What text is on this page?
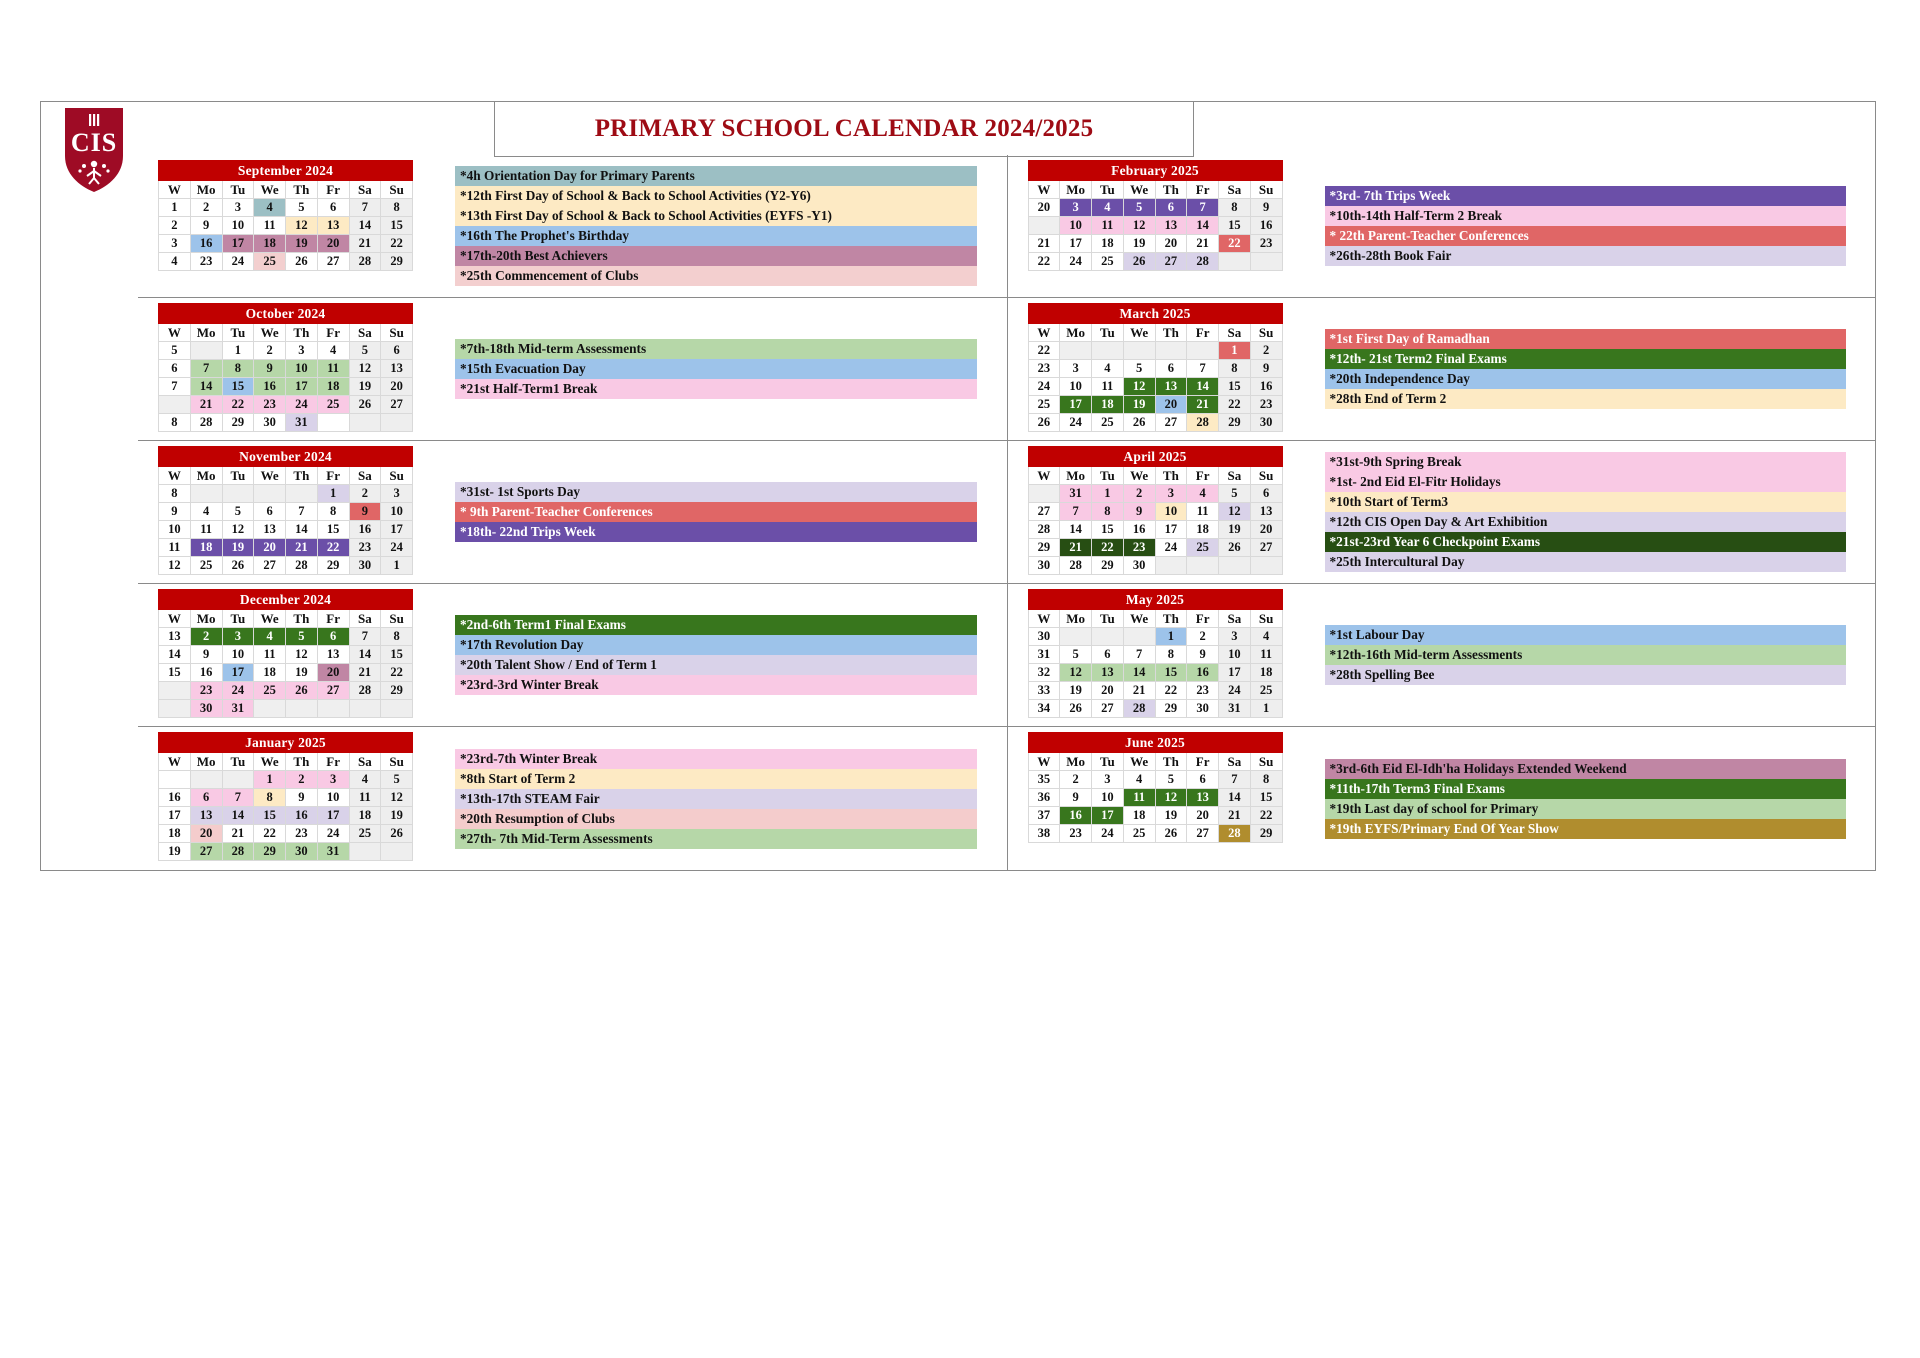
CIS	PRIMARY SCHOOL CALENDAR 2024/2025
September 2024							
W	Mo	Tu	We	Th	Fr	Sa	Su
1	2	3	4	5	6	7	8
2	9	10	11	12	13	14	15
3	16	17	18	19	20	21	22
4	23	24	25	26	27	28	29
*4h Orientation Day for Primary Parents
*12th First Day of School & Back to School Activities (Y2-Y6)
*13th First Day of School & Back to School Activities (EYFS -Y1)
*16th The Prophet's Birthday
*17th-20th Best Achievers
*25th Commencement of Clubs
October 2024							
W	Mo	Tu	We	Th	Fr	Sa	Su
5		1	2	3	4	5	6
6	7	8	9	10	11	12	13
7	14	15	16	17	18	19	20
	21	22	23	24	25	26	27
8	28	29	30	31			
*7th-18th Mid-term Assessments
*15th Evacuation Day
*21st Half-Term1 Break
November 2024							
W	Mo	Tu	We	Th	Fr	Sa	Su
8					1	2	3
9	4	5	6	7	8	9	10
10	11	12	13	14	15	16	17
11	18	19	20	21	22	23	24
12	25	26	27	28	29	30	1
*31st- 1st Sports Day
* 9th Parent-Teacher Conferences
*18th- 22nd Trips Week
December 2024							
W	Mo	Tu	We	Th	Fr	Sa	Su
13	2	3	4	5	6	7	8
14	9	10	11	12	13	14	15
15	16	17	18	19	20	21	22
	23	24	25	26	27	28	29
	30	31					
*2nd-6th Term1 Final Exams
*17th Revolution Day
*20th Talent Show / End of Term 1
*23rd-3rd Winter Break
January 2025							
W	Mo	Tu	We	Th	Fr	Sa	Su
			1	2	3	4	5
16	6	7	8	9	10	11	12
17	13	14	15	16	17	18	19
18	20	21	22	23	24	25	26
19	27	28	29	30	31		
*23rd-7th Winter Break
*8th Start of Term 2
*13th-17th STEAM Fair
*20th Resumption of Clubs
*27th- 7th Mid-Term Assessments
February 2025							
W	Mo	Tu	We	Th	Fr	Sa	Su
20	3	4	5	6	7	8	9
	10	11	12	13	14	15	16
21	17	18	19	20	21	22	23
22	24	25	26	27	28		
*3rd- 7th Trips Week
*10th-14th Half-Term 2 Break
* 22th Parent-Teacher Conferences
*26th-28th Book Fair
March 2025							
W	Mo	Tu	We	Th	Fr	Sa	Su
22						1	2
23	3	4	5	6	7	8	9
24	10	11	12	13	14	15	16
25	17	18	19	20	21	22	23
26	24	25	26	27	28	29	30
*1st First Day of Ramadhan
*12th- 21st Term2 Final Exams
*20th Independence Day
*28th End of Term 2
April 2025							
W	Mo	Tu	We	Th	Fr	Sa	Su
	31	1	2	3	4	5	6
27	7	8	9	10	11	12	13
28	14	15	16	17	18	19	20
29	21	22	23	24	25	26	27
30	28	29	30				
*31st-9th Spring Break
*1st- 2nd Eid El-Fitr Holidays
*10th Start of Term3
*12th CIS Open Day & Art Exhibition
*21st-23rd Year 6 Checkpoint Exams
*25th Intercultural Day
May 2025							
W	Mo	Tu	We	Th	Fr	Sa	Su
30				1	2	3	4
31	5	6	7	8	9	10	11
32	12	13	14	15	16	17	18
33	19	20	21	22	23	24	25
34	26	27	28	29	30	31	1
*1st Labour Day
*12th-16th Mid-term Assessments
*28th Spelling Bee
June 2025							
W	Mo	Tu	We	Th	Fr	Sa	Su
35	2	3	4	5	6	7	8
36	9	10	11	12	13	14	15
37	16	17	18	19	20	21	22
38	23	24	25	26	27	28	29
*3rd-6th Eid El-Idh'ha Holidays Extended Weekend
*11th-17th Term3 Final Exams
*19th Last day of school for Primary
*19th EYFS/Primary End Of Year Show
